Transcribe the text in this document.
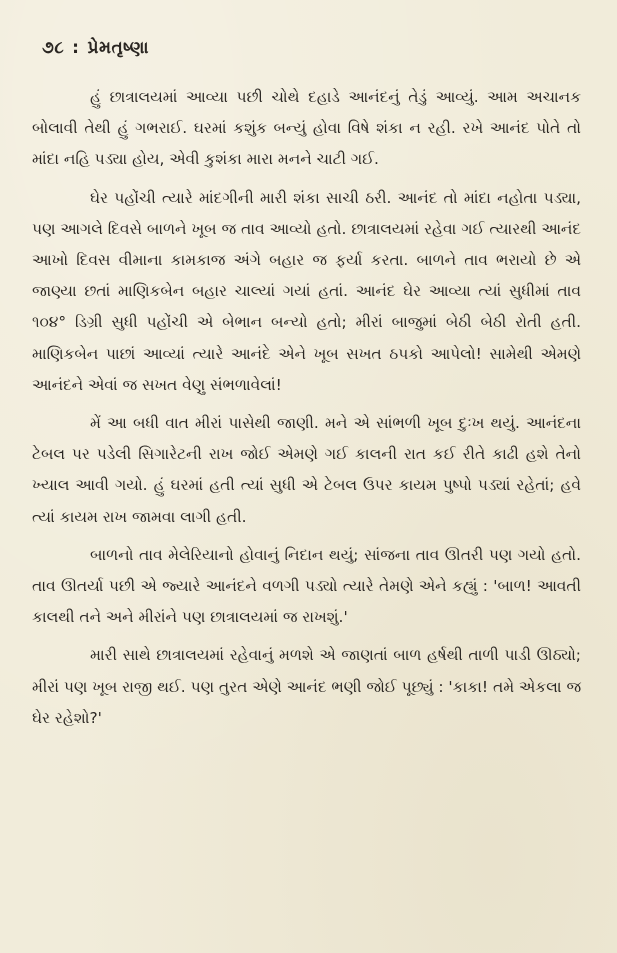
૭૮ : પ્રેમતૃષ્ણા

હું છાત્રાલયમાં આવ્યા પછી ચોથે દહાડે આનંદનું તેડું આવ્યું. આમ અચાનક બોલાવી તેથી હું ગભરાઈ. ઘરમાં કશુંક બન્યું હોવા વિષે શંકા ન રહી. રખે આનંદ પોતે તો માંદા નહિ પડ્યા હોય, એવી કુશંકા મારા મનને ચાટી ગઈ.

ઘેર પહોંચી ત્યારે માંદગીની મારી શંકા સાચી ઠરી. આનંદ તો માંદા નહોતા પડ્યા, પણ આગલે દિવસે બાળને ખૂબ જ તાવ આવ્યો હતો. છાત્રાલયમાં રહેવા ગઈ ત્યારથી આનંદ આખો દિવસ વીમાના કામકાજ અંગે બહાર જ ફર્યા કરતા. બાળને તાવ ભરાયો છે એ જાણ્યા છતાં માણિકબેન બહાર ચાલ્યાં ગયાં હતાં. આનંદ ઘેર આવ્યા ત્યાં સુધીમાં તાવ ૧૦૪° ડિગ્રી સુધી પહોંચી એ બેભાન બન્યો હતો; મીરાં બાજુમાં બેઠી બેઠી રોતી હતી. માણિકબેન પાછાં આવ્યાં ત્યારે આનંદે એને ખૂબ સખત ઠપકો આપેલો! સામેથી એમણે આનંદને એવાં જ સખત વેણુ સંભળાવેલાં!

મેં આ બધી વાત મીરાં પાસેથી જાણી. મને એ સાંભળી ખૂબ દુઃખ થયું. આનંદના ટેબલ પર પડેલી સિગારેટની રાખ જોઈ એમણે ગઈ કાલની રાત કઈ રીતે કાઢી હશે તેનો ખ્યાલ આવી ગયો. હું ઘરમાં હતી ત્યાં સુધી એ ટેબલ ઉપર કાયમ પુષ્પો પડ્યાં રહેતાં; હવે ત્યાં કાયમ રાખ જામવા લાગી હતી.

બાળનો તાવ મેલેરિયાનો હોવાનું નિદાન થયું; સાંજના તાવ ઊતરી પણ ગયો હતો. તાવ ઊતર્યા પછી એ જ્યારે આનંદને વળગી પડ્યો ત્યારે તેમણે એને કહ્યું : 'બાળ! આવતી કાલથી તને અને મીરાંને પણ છાત્રાલયમાં જ રાખશું.'

મારી સાથે છાત્રાલયમાં રહેવાનું મળશે એ જાણતાં બાળ હર્ષથી તાળી પાડી ઊઠ્યો; મીરાં પણ ખૂબ રાજી થઈ. પણ તુરત એણે આનંદ ભણી જોઈ પૂછ્યું : 'કાકા! તમે એકલા જ ઘેર રહેશો?'
